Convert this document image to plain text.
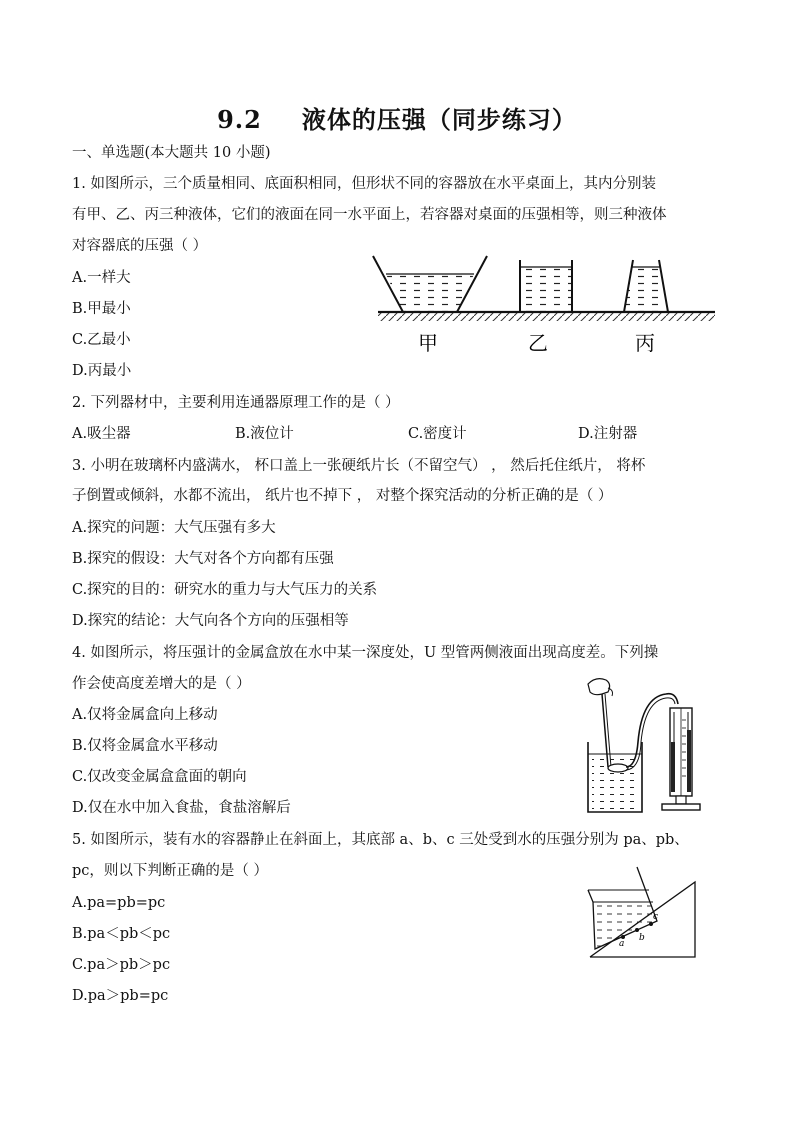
9.2 液体的压强（同步练习）
一、单选题(本大题共 10 小题)
1. 如图所示，三个质量相同、底面积相同，但形状不同的容器放在水平桌面上，其内分别装
有甲、乙、丙三种液体，它们的液面在同一水平面上，若容器对桌面的压强相等，则三种液体
对容器底的压强（ ）
A.一样大
B.甲最小
C.乙最小
D.丙最小
甲	乙	丙
2. 下列器材中，主要利用连通器原理工作的是（ ）
A.吸尘器	B.液位计	C.密度计	D.注射器
3. 小明在玻璃杯内盛满水， 杯口盖上一张硬纸片长（不留空气） ， 然后托住纸片， 将杯
子倒置或倾斜，水都不流出， 纸片也不掉下 ， 对整个探究活动的分析正确的是（ ）
A.探究的问题：大气压强有多大
B.探究的假设：大气对各个方向都有压强
C.探究的目的：研究水的重力与大气压力的关系
D.探究的结论：大气向各个方向的压强相等
4. 如图所示，将压强计的金属盒放在水中某一深度处，U 型管两侧液面出现高度差。下列操
作会使高度差增大的是（ ）
A.仅将金属盒向上移动
B.仅将金属盒水平移动
C.仅改变金属盒盒面的朝向
D.仅在水中加入食盐，食盐溶解后
5. 如图所示，装有水的容器静止在斜面上，其底部 a、b、c 三处受到水的压强分别为 pa、pb、
pc，则以下判断正确的是（ ）
A.pa=pb=pc
B.pa＜pb＜pc
C.pa＞pb＞pc
D.pa＞pb=pc
a
b
c
